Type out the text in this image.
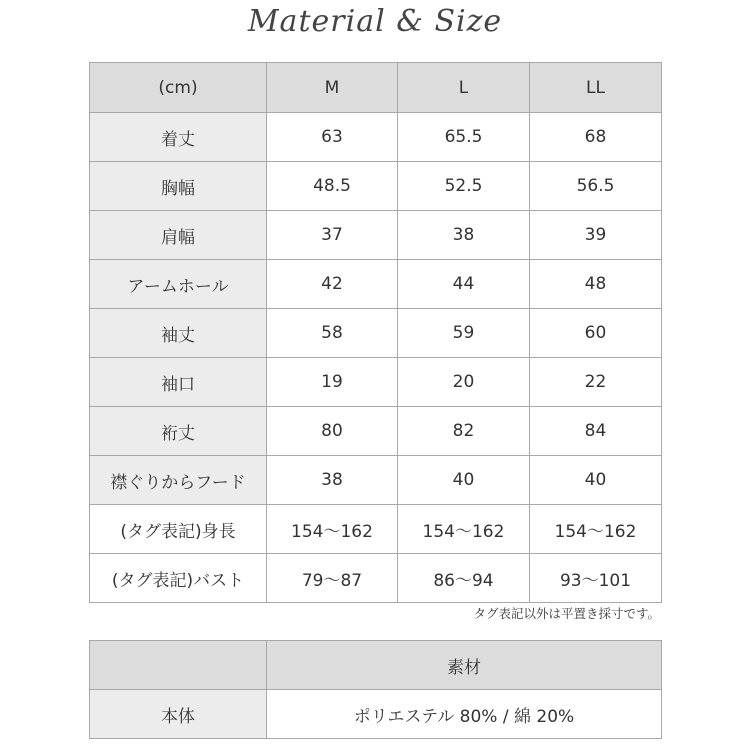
Material & Size
(cm)	M	L	LL
着丈	63	65.5	68
胸幅	48.5	52.5	56.5
肩幅	37	38	39
アームホール	42	44	48
袖丈	58	59	60
袖口	19	20	22
裄丈	80	82	84
襟ぐりからフード	38	40	40
(タグ表記)身長	154〜162	154〜162	154〜162
(タグ表記)バスト	79〜87	86〜94	93〜101
タグ表記以外は平置き採寸です。
	素材
本体	ポリエステル 80% / 綿 20%
